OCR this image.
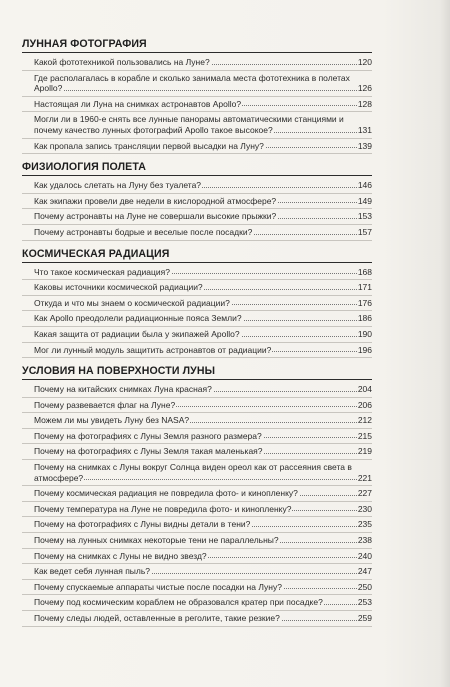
ЛУННАЯ ФОТОГРАФИЯ
Какой фототехникой пользовались на Луне?	120
Где располагалась в корабле и сколько занимала места фототехника в полетах Apollo?	126
Настоящая ли Луна на снимках астронавтов Apollo?	128
Могли ли в 1960-е снять все лунные панорамы автоматическими станциями и почему качество лунных фотографий Apollo такое высокое?	131
Как пропала запись трансляции первой высадки на Луну?	139
ФИЗИОЛОГИЯ ПОЛЕТА
Как удалось слетать на Луну без туалета?	146
Как экипажи провели две недели в кислородной атмосфере?	149
Почему астронавты на Луне не совершали высокие прыжки?	153
Почему астронавты бодрые и веселые после посадки?	157
КОСМИЧЕСКАЯ РАДИАЦИЯ
Что такое космическая радиация?	168
Каковы источники космической радиации?	171
Откуда и что мы знаем о космической радиации?	176
Как Apollo преодолели радиационные пояса Земли?	186
Какая защита от радиации была у экипажей Apollo?	190
Мог ли лунный модуль защитить астронавтов от радиации?	196
УСЛОВИЯ НА ПОВЕРХНОСТИ ЛУНЫ
Почему на китайских снимках Луна красная?	204
Почему развевается флаг на Луне?	206
Можем ли мы увидеть Луну без NASA?	212
Почему на фотографиях с Луны Земля разного размера?	215
Почему на фотографиях с Луны Земля такая маленькая?	219
Почему на снимках с Луны вокруг Солнца виден ореол как от рассеяния света в атмосфере?	221
Почему космическая радиация не повредила фото- и кинопленку?	227
Почему температура на Луне не повредила фото- и кинопленку?	230
Почему на фотографиях с Луны видны детали в тени?	235
Почему на лунных снимках некоторые тени не параллельны?	238
Почему на снимках с Луны не видно звезд?	240
Как ведет себя лунная пыль?	247
Почему спускаемые аппараты чистые после посадки на Луну?	250
Почему под космическим кораблем не образовался кратер при посадке?	253
Почему следы людей, оставленные в реголите, такие резкие?	259
